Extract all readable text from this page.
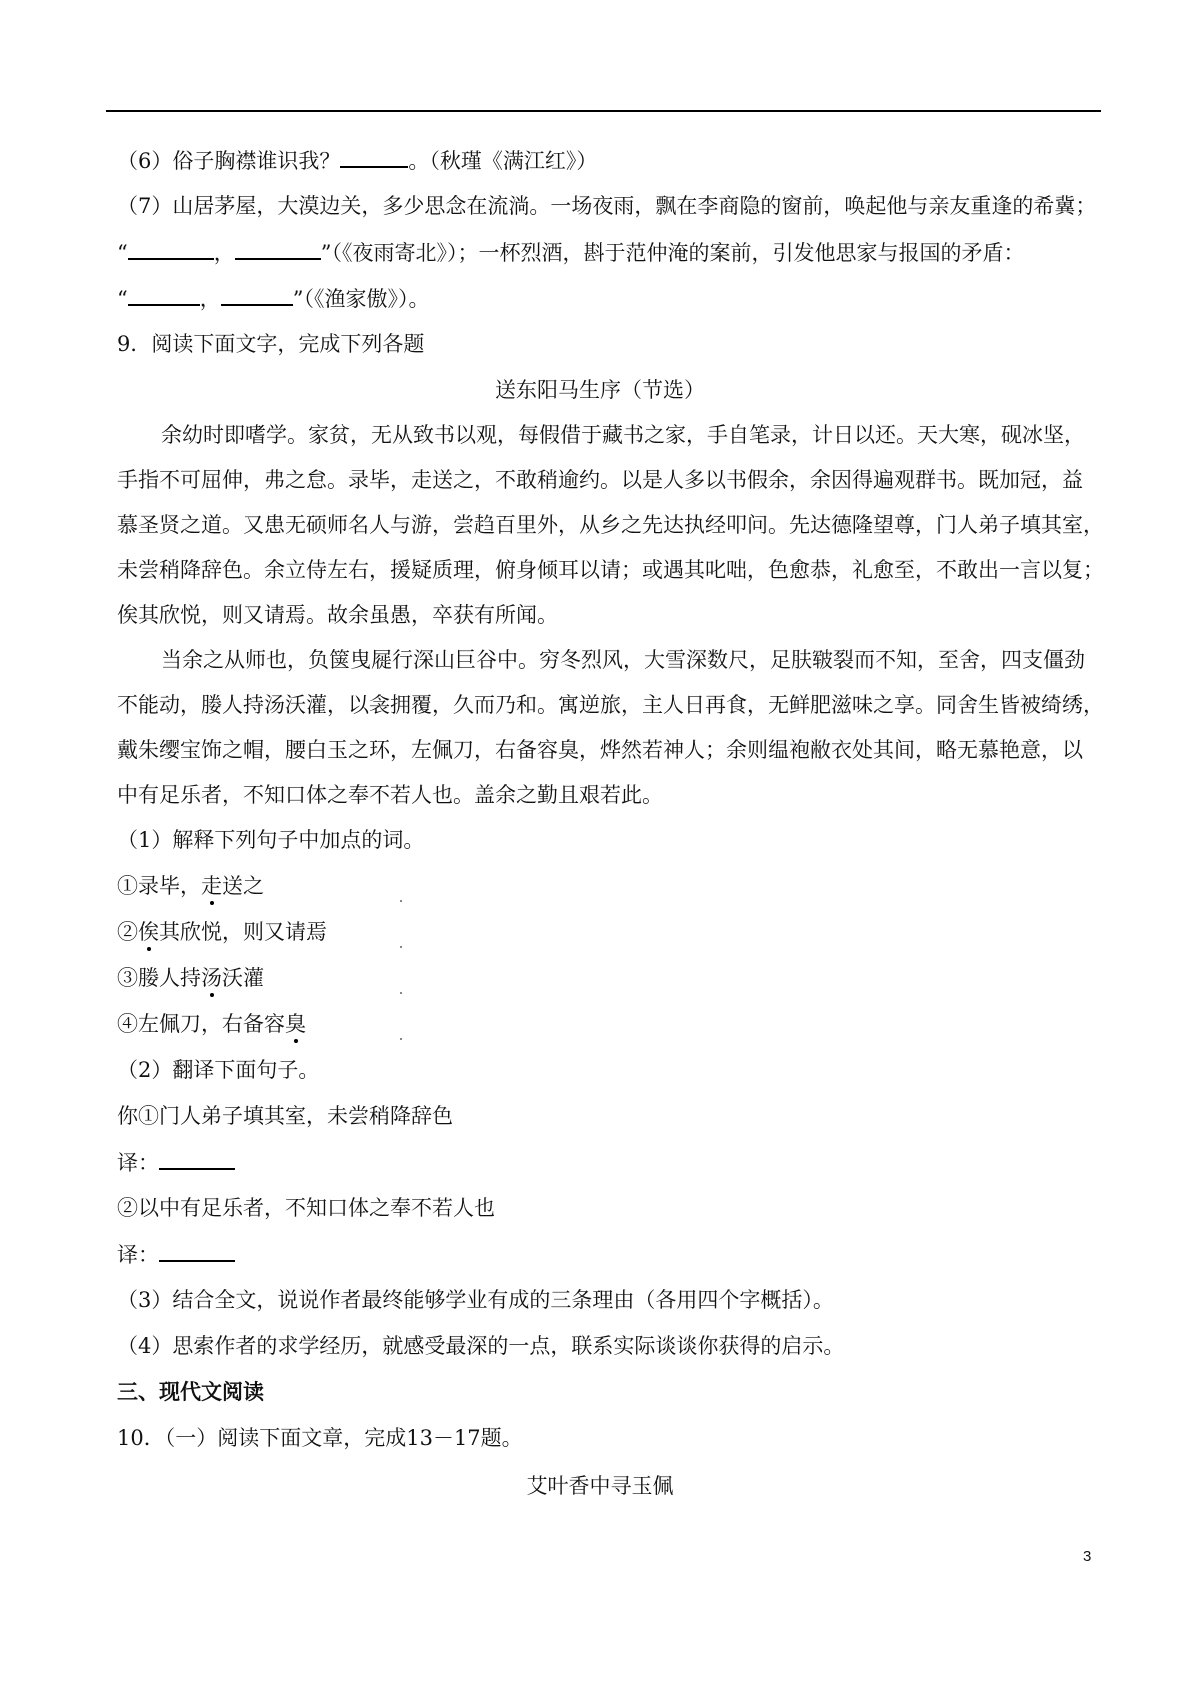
（6）俗子胸襟谁识我？	。（秋瑾《满江红》）
（7）山居茅屋，大漠边关，多少思念在流淌。一场夜雨，飘在李商隐的窗前，唤起他与亲友重逢的希冀；
“	，	”（《夜雨寄北》）；一杯烈酒，斟于范仲淹的案前，引发他思家与报国的矛盾：
“	，	”（《渔家傲》）。
9．阅读下面文字，完成下列各题
送东阳马生序（节选）
余幼时即嗜学。家贫，无从致书以观，每假借于藏书之家，手自笔录，计日以还。天大寒，砚冰坚，
手指不可屈伸，弗之怠。录毕，走送之，不敢稍逾约。以是人多以书假余，余因得遍观群书。既加冠，益
慕圣贤之道。又患无硕师名人与游，尝趋百里外，从乡之先达执经叩问。先达德隆望尊，门人弟子填其室，
未尝稍降辞色。余立侍左右，援疑质理，俯身倾耳以请；或遇其叱咄，色愈恭，礼愈至，不敢出一言以复；
俟其欣悦，则又请焉。故余虽愚，卒获有所闻。
当余之从师也，负箧曳屣行深山巨谷中。穷冬烈风，大雪深数尺，足肤皲裂而不知，至舍，四支僵劲
不能动，媵人持汤沃灌，以衾拥覆，久而乃和。寓逆旅，主人日再食，无鲜肥滋味之享。同舍生皆被绮绣，
戴朱缨宝饰之帽，腰白玉之环，左佩刀，右备容臭，烨然若神人；余则缊袍敝衣处其间，略无慕艳意，以
中有足乐者，不知口体之奉不若人也。盖余之勤且艰若此。
（1）解释下列句子中加点的词。
①录毕，走送之
②俟其欣悦，则又请焉
③媵人持汤沃灌
④左佩刀，右备容臭
（2）翻译下面句子。
你①门人弟子填其室，未尝稍降辞色
译：
②以中有足乐者，不知口体之奉不若人也
译：
（3）结合全文，说说作者最终能够学业有成的三条理由（各用四个字概括）。
（4）思索作者的求学经历，就感受最深的一点，联系实际谈谈你获得的启示。
三、现代文阅读
10．（一）阅读下面文章，完成13－17题。
艾叶香中寻玉佩
3
